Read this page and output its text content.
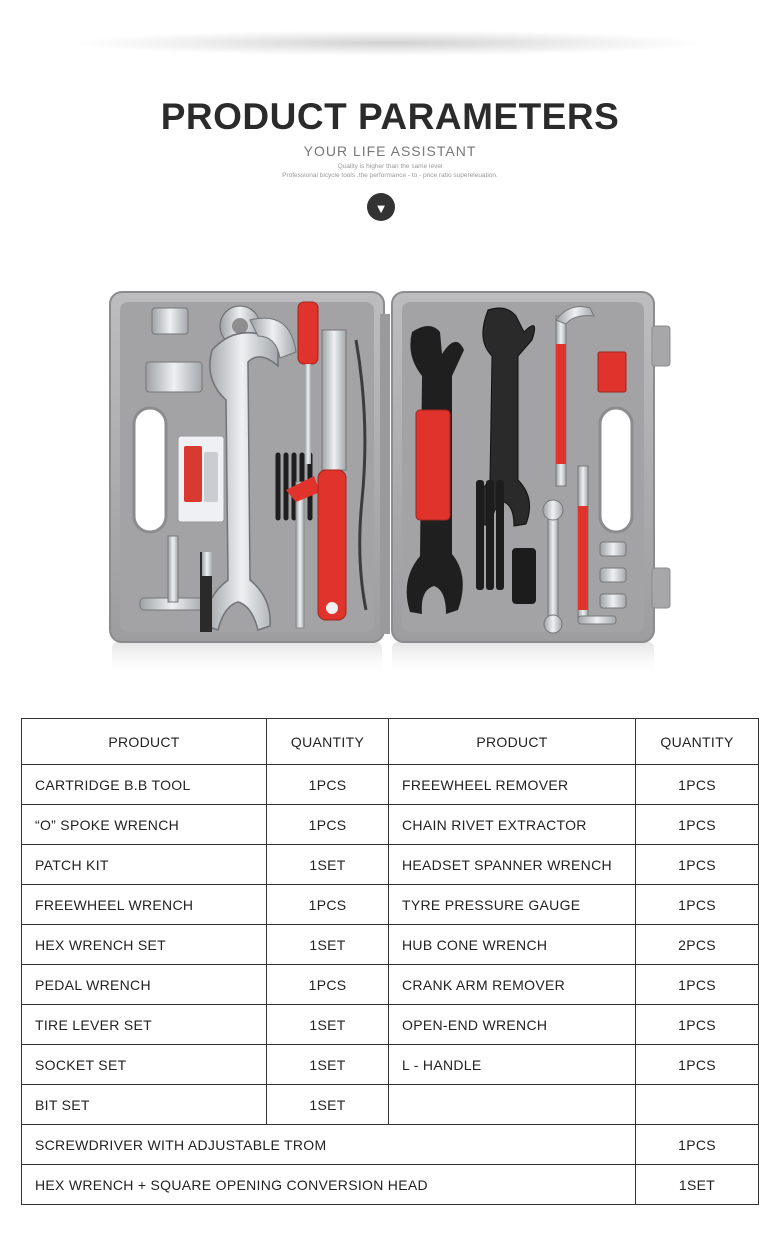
PRODUCT PARAMETERS
YOUR LIFE ASSISTANT
Quality is higher than the same level
Professional bicycle tools ,the performance - to - price ratio supereleuation.
▼
PRODUCT	QUANTITY	PRODUCT	QUANTITY
CARTRIDGE B.B TOOL	1PCS	FREEWHEEL REMOVER	1PCS
“O” SPOKE WRENCH	1PCS	CHAIN RIVET EXTRACTOR	1PCS
PATCH KIT	1SET	HEADSET SPANNER WRENCH	1PCS
FREEWHEEL WRENCH	1PCS	TYRE PRESSURE GAUGE	1PCS
HEX WRENCH SET	1SET	HUB CONE WRENCH	2PCS
PEDAL WRENCH	1PCS	CRANK ARM REMOVER	1PCS
TIRE LEVER SET	1SET	OPEN-END WRENCH	1PCS
SOCKET SET	1SET	L - HANDLE	1PCS
BIT SET	1SET		
SCREWDRIVER WITH ADJUSTABLE TROM			1PCS
HEX WRENCH + SQUARE OPENING CONVERSION HEAD			1SET
